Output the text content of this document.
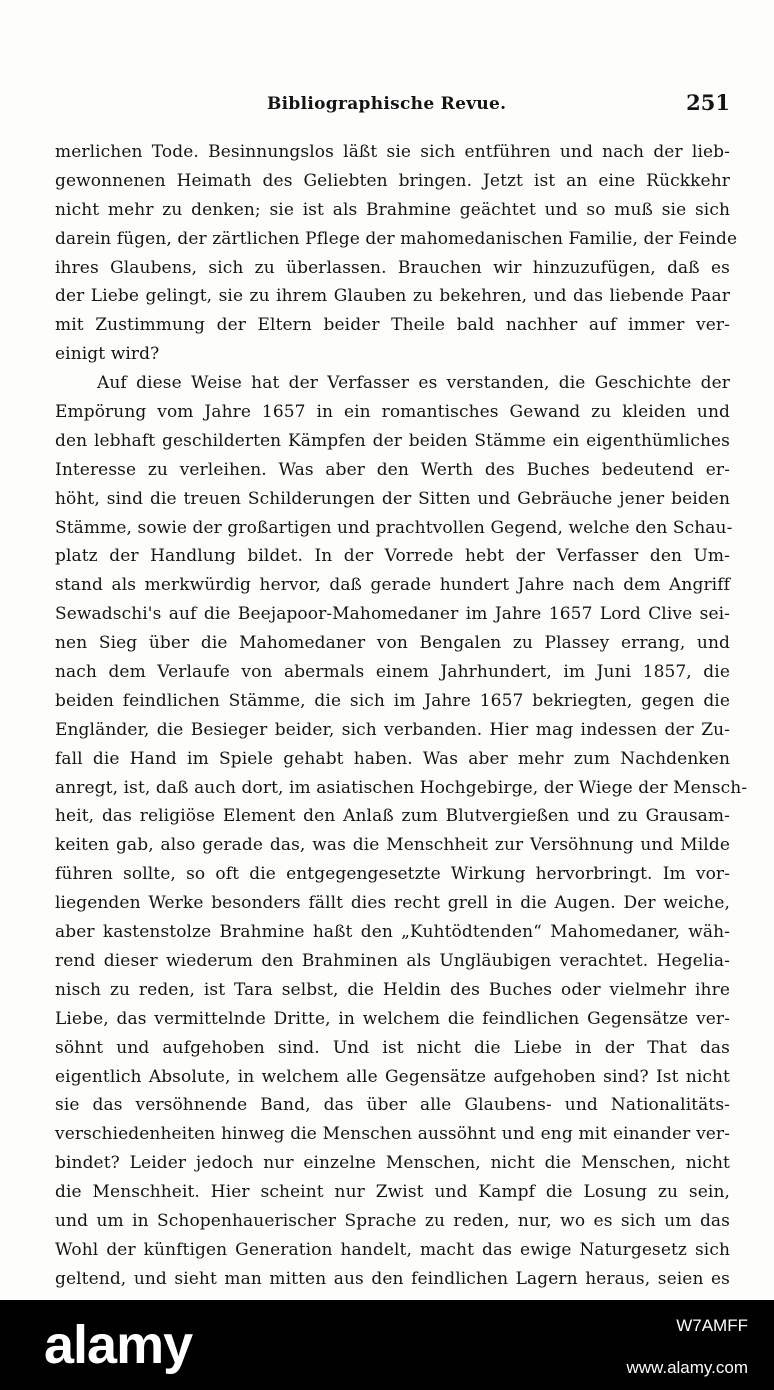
Bibliographische Revue.	251
merlichen Tode. Besinnungslos läßt sie sich entführen und nach der lieb-
gewonnenen Heimath des Geliebten bringen. Jetzt ist an eine Rückkehr
nicht mehr zu denken; sie ist als Brahmine geächtet und so muß sie sich
darein fügen, der zärtlichen Pflege der mahomedanischen Familie, der Feinde
ihres Glaubens, sich zu überlassen. Brauchen wir hinzuzufügen, daß es
der Liebe gelingt, sie zu ihrem Glauben zu bekehren, und das liebende Paar
mit Zustimmung der Eltern beider Theile bald nachher auf immer ver-
einigt wird?
Auf diese Weise hat der Verfasser es verstanden, die Geschichte der
Empörung vom Jahre 1657 in ein romantisches Gewand zu kleiden und
den lebhaft geschilderten Kämpfen der beiden Stämme ein eigenthümliches
Interesse zu verleihen. Was aber den Werth des Buches bedeutend er-
höht, sind die treuen Schilderungen der Sitten und Gebräuche jener beiden
Stämme, sowie der großartigen und prachtvollen Gegend, welche den Schau-
platz der Handlung bildet. In der Vorrede hebt der Verfasser den Um-
stand als merkwürdig hervor, daß gerade hundert Jahre nach dem Angriff
Sewadschi's auf die Beejapoor-Mahomedaner im Jahre 1657 Lord Clive sei-
nen Sieg über die Mahomedaner von Bengalen zu Plassey errang, und
nach dem Verlaufe von abermals einem Jahrhundert, im Juni 1857, die
beiden feindlichen Stämme, die sich im Jahre 1657 bekriegten, gegen die
Engländer, die Besieger beider, sich verbanden. Hier mag indessen der Zu-
fall die Hand im Spiele gehabt haben. Was aber mehr zum Nachdenken
anregt, ist, daß auch dort, im asiatischen Hochgebirge, der Wiege der Mensch-
heit, das religiöse Element den Anlaß zum Blutvergießen und zu Grausam-
keiten gab, also gerade das, was die Menschheit zur Versöhnung und Milde
führen sollte, so oft die entgegengesetzte Wirkung hervorbringt. Im vor-
liegenden Werke besonders fällt dies recht grell in die Augen. Der weiche,
aber kastenstolze Brahmine haßt den „Kuhtödtenden“ Mahomedaner, wäh-
rend dieser wiederum den Brahminen als Ungläubigen verachtet. Hegelia-
nisch zu reden, ist Tara selbst, die Heldin des Buches oder vielmehr ihre
Liebe, das vermittelnde Dritte, in welchem die feindlichen Gegensätze ver-
söhnt und aufgehoben sind. Und ist nicht die Liebe in der That das
eigentlich Absolute, in welchem alle Gegensätze aufgehoben sind? Ist nicht
sie das versöhnende Band, das über alle Glaubens- und Nationalitäts-
verschiedenheiten hinweg die Menschen aussöhnt und eng mit einander ver-
bindet? Leider jedoch nur einzelne Menschen, nicht die Menschen, nicht
die Menschheit. Hier scheint nur Zwist und Kampf die Losung zu sein,
und um in Schopenhauerischer Sprache zu reden, nur, wo es sich um das
Wohl der künftigen Generation handelt, macht das ewige Naturgesetz sich
geltend, und sieht man mitten aus den feindlichen Lagern heraus, seien es
alamy	W7AMFF
www.alamy.com
